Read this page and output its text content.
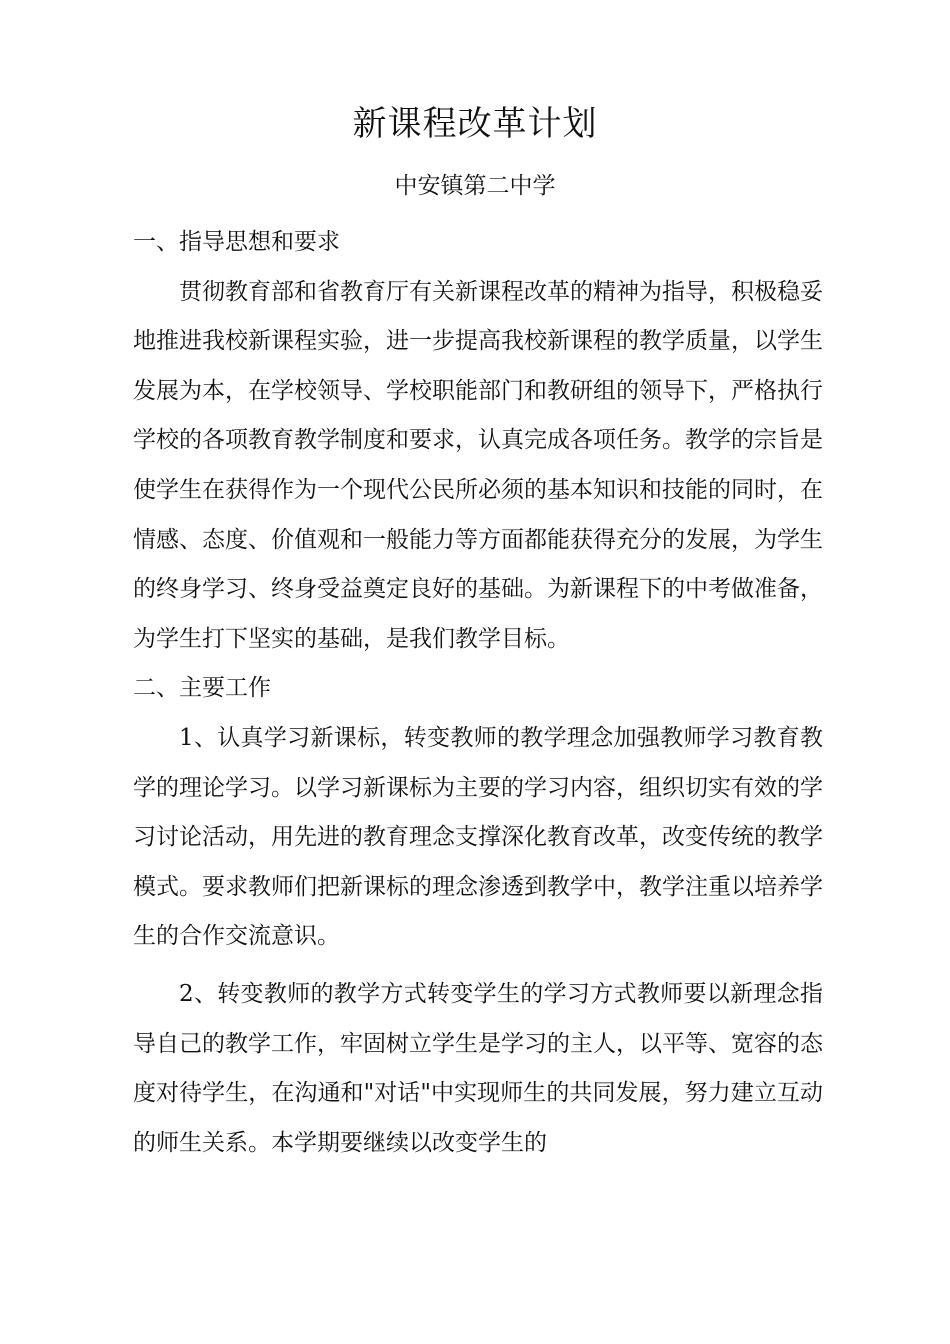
新课程改革计划
中安镇第二中学

一、指导思想和要求

贯彻教育部和省教育厅有关新课程改革的精神为指导，积极稳妥地推进我校新课程实验，进一步提高我校新课程的教学质量，以学生发展为本，在学校领导、学校职能部门和教研组的领导下，严格执行学校的各项教育教学制度和要求，认真完成各项任务。教学的宗旨是使学生在获得作为一个现代公民所必须的基本知识和技能的同时，在情感、态度、价值观和一般能力等方面都能获得充分的发展，为学生的终身学习、终身受益奠定良好的基础。为新课程下的中考做准备，为学生打下坚实的基础，是我们教学目标。

二、主要工作

1、认真学习新课标，转变教师的教学理念加强教师学习教育教学的理论学习。以学习新课标为主要的学习内容，组织切实有效的学习讨论活动，用先进的教育理念支撑深化教育改革，改变传统的教学模式。要求教师们把新课标的理念渗透到教学中，教学注重以培养学生的合作交流意识。

2、转变教师的教学方式转变学生的学习方式教师要以新理念指导自己的教学工作，牢固树立学生是学习的主人，以平等、宽容的态度对待学生，在沟通和"对话"中实现师生的共同发展，努力建立互动的师生关系。本学期要继续以改变学生的
